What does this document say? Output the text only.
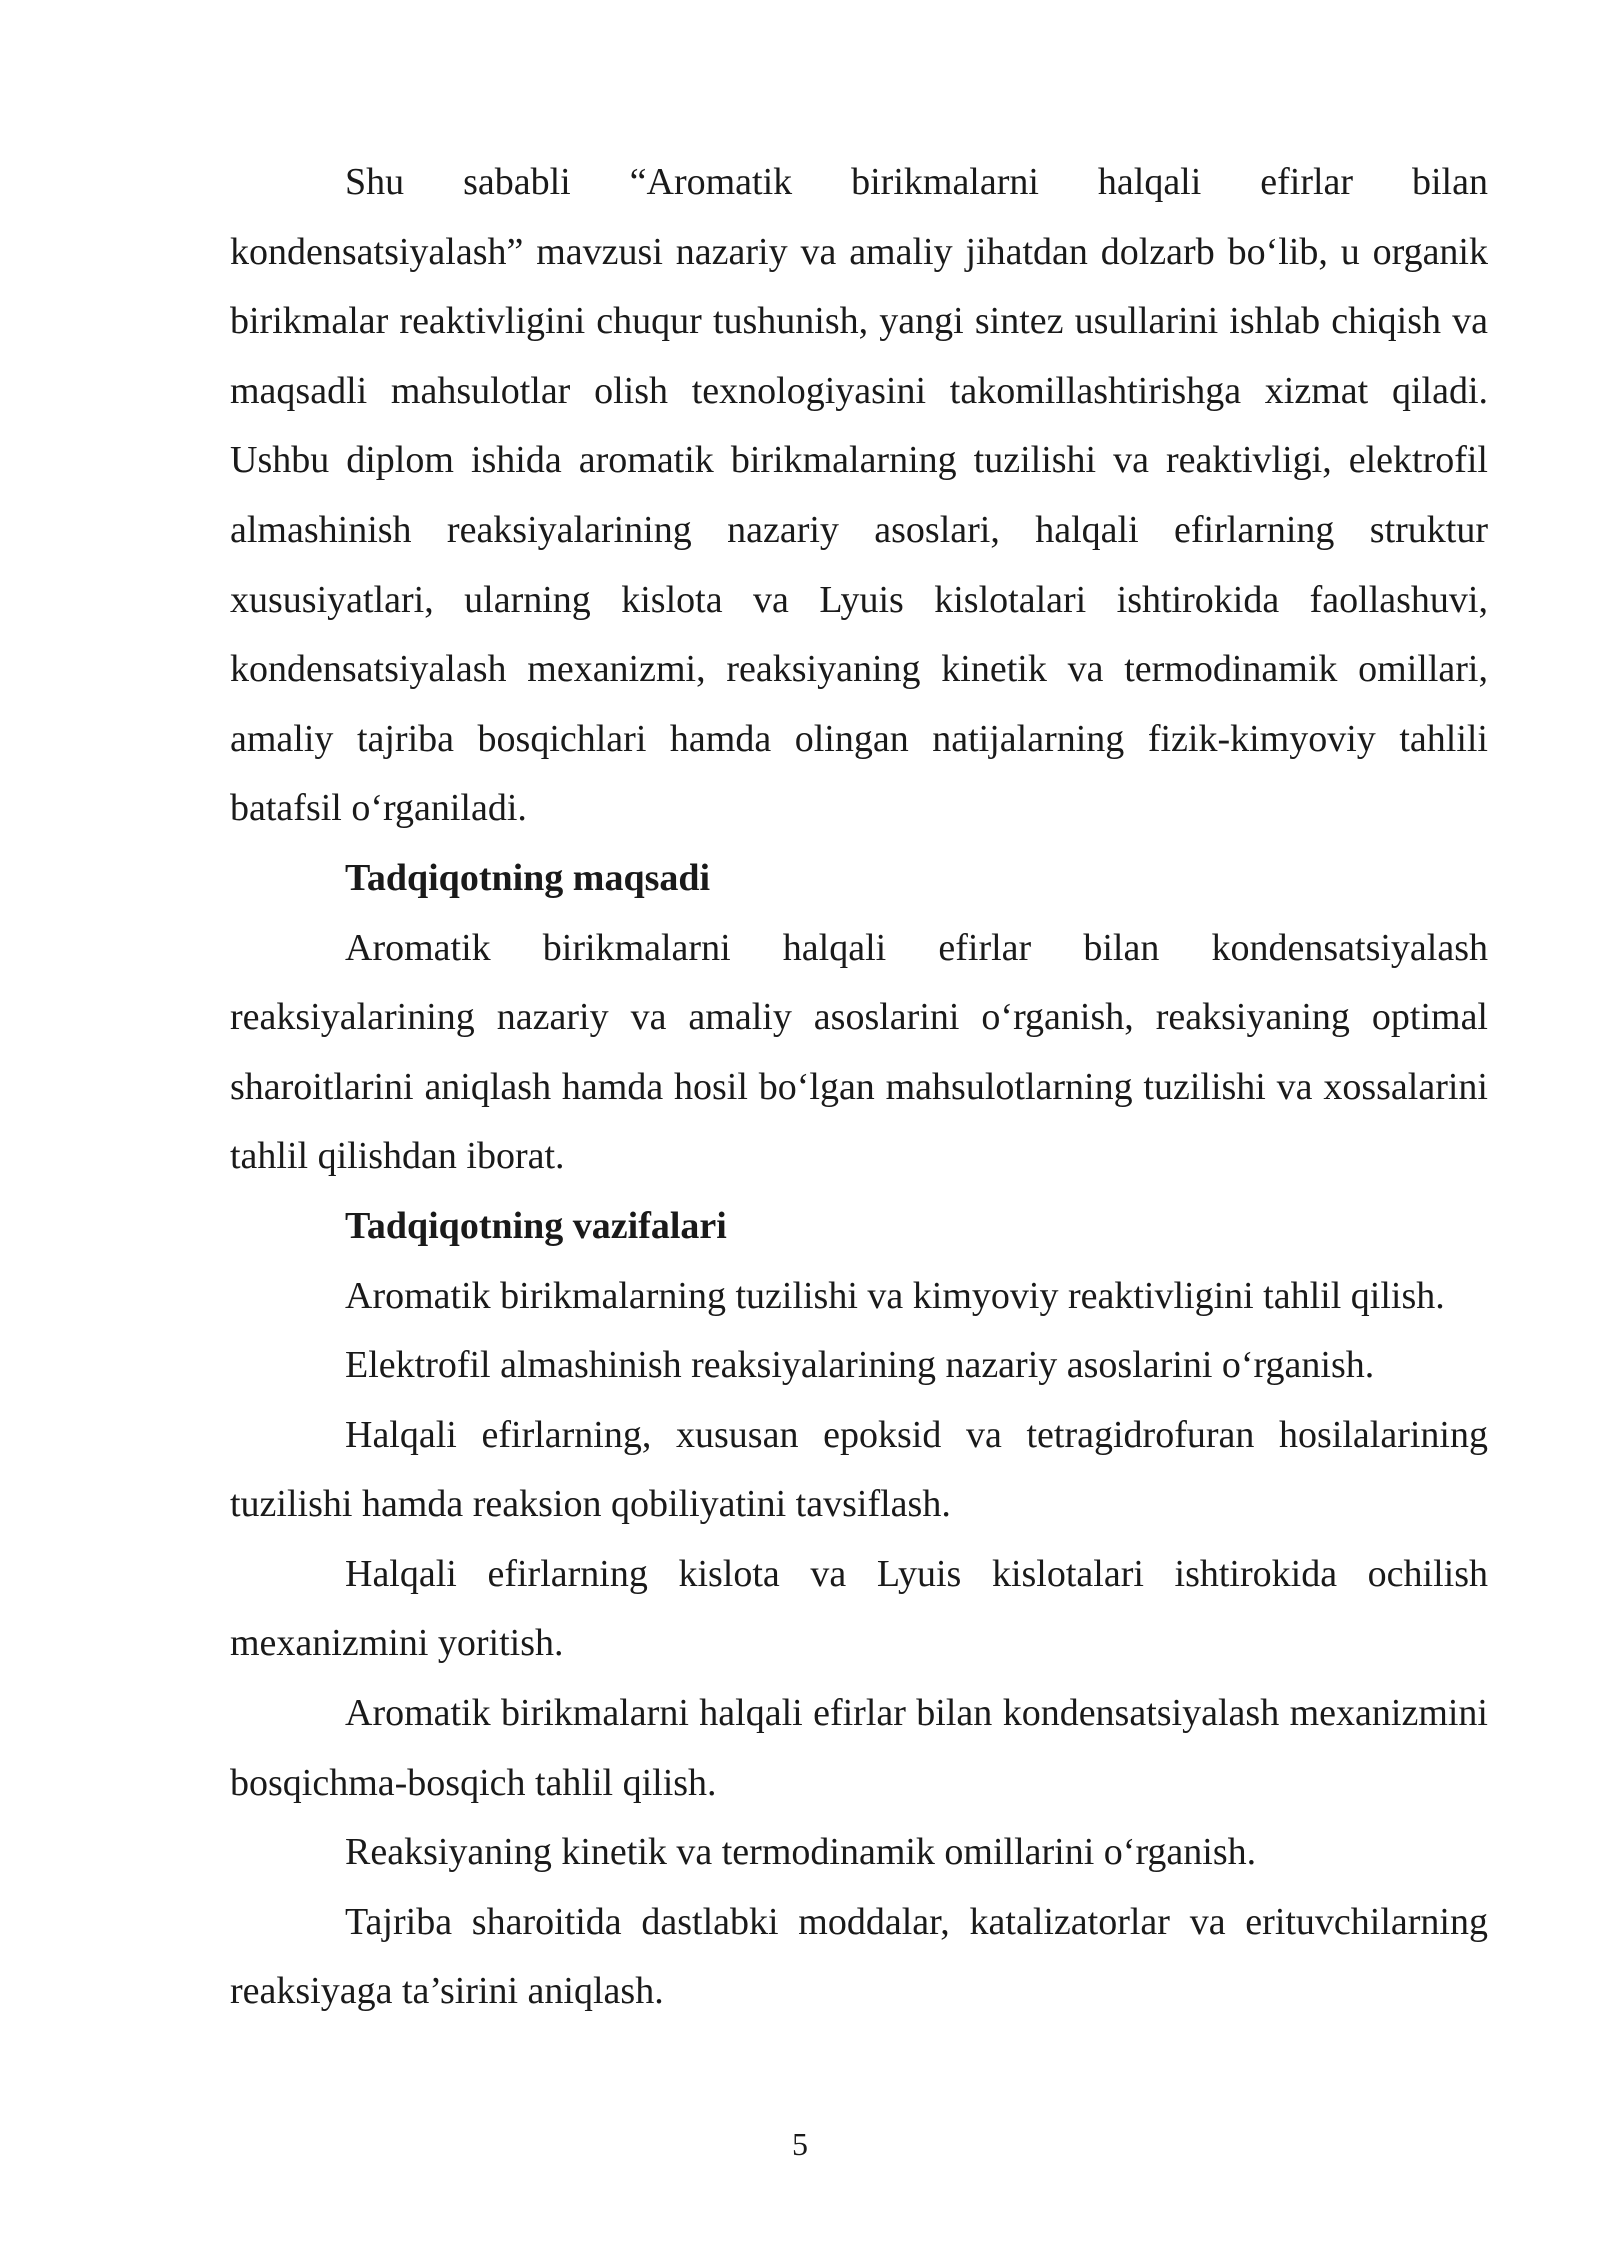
Shu sababli “Aromatik birikmalarni halqali efirlar bilan kondensatsiyalash” mavzusi nazariy va amaliy jihatdan dolzarb bo‘lib, u organik birikmalar reaktivligini chuqur tushunish, yangi sintez usullarini ishlab chiqish va maqsadli mahsulotlar olish texnologiyasini takomillashtirishga xizmat qiladi. Ushbu diplom ishida aromatik birikmalarning tuzilishi va reaktivligi, elektrofil almashinish reaksiyalarining nazariy asoslari, halqali efirlarning struktur xususiyatlari, ularning kislota va Lyuis kislotalari ishtirokida faollashuvi, kondensatsiyalash mexanizmi, reaksiyaning kinetik va termodinamik omillari, amaliy tajriba bosqichlari hamda olingan natijalarning fizik-kimyoviy tahlili batafsil o‘rganiladi.

Tadqiqotning maqsadi

Aromatik birikmalarni halqali efirlar bilan kondensatsiyalash reaksiyalarining nazariy va amaliy asoslarini o‘rganish, reaksiyaning optimal sharoitlarini aniqlash hamda hosil bo‘lgan mahsulotlarning tuzilishi va xossalarini tahlil qilishdan iborat.

Tadqiqotning vazifalari

Aromatik birikmalarning tuzilishi va kimyoviy reaktivligini tahlil qilish.

Elektrofil almashinish reaksiyalarining nazariy asoslarini o‘rganish.

Halqali efirlarning, xususan epoksid va tetragidrofuran hosilalarining tuzilishi hamda reaksion qobiliyatini tavsiflash.

Halqali efirlarning kislota va Lyuis kislotalari ishtirokida ochilish mexanizmini yoritish.

Aromatik birikmalarni halqali efirlar bilan kondensatsiyalash mexanizmini bosqichma-bosqich tahlil qilish.

Reaksiyaning kinetik va termodinamik omillarini o‘rganish.

Tajriba sharoitida dastlabki moddalar, katalizatorlar va erituvchilarning reaksiyaga ta’sirini aniqlash.

5
